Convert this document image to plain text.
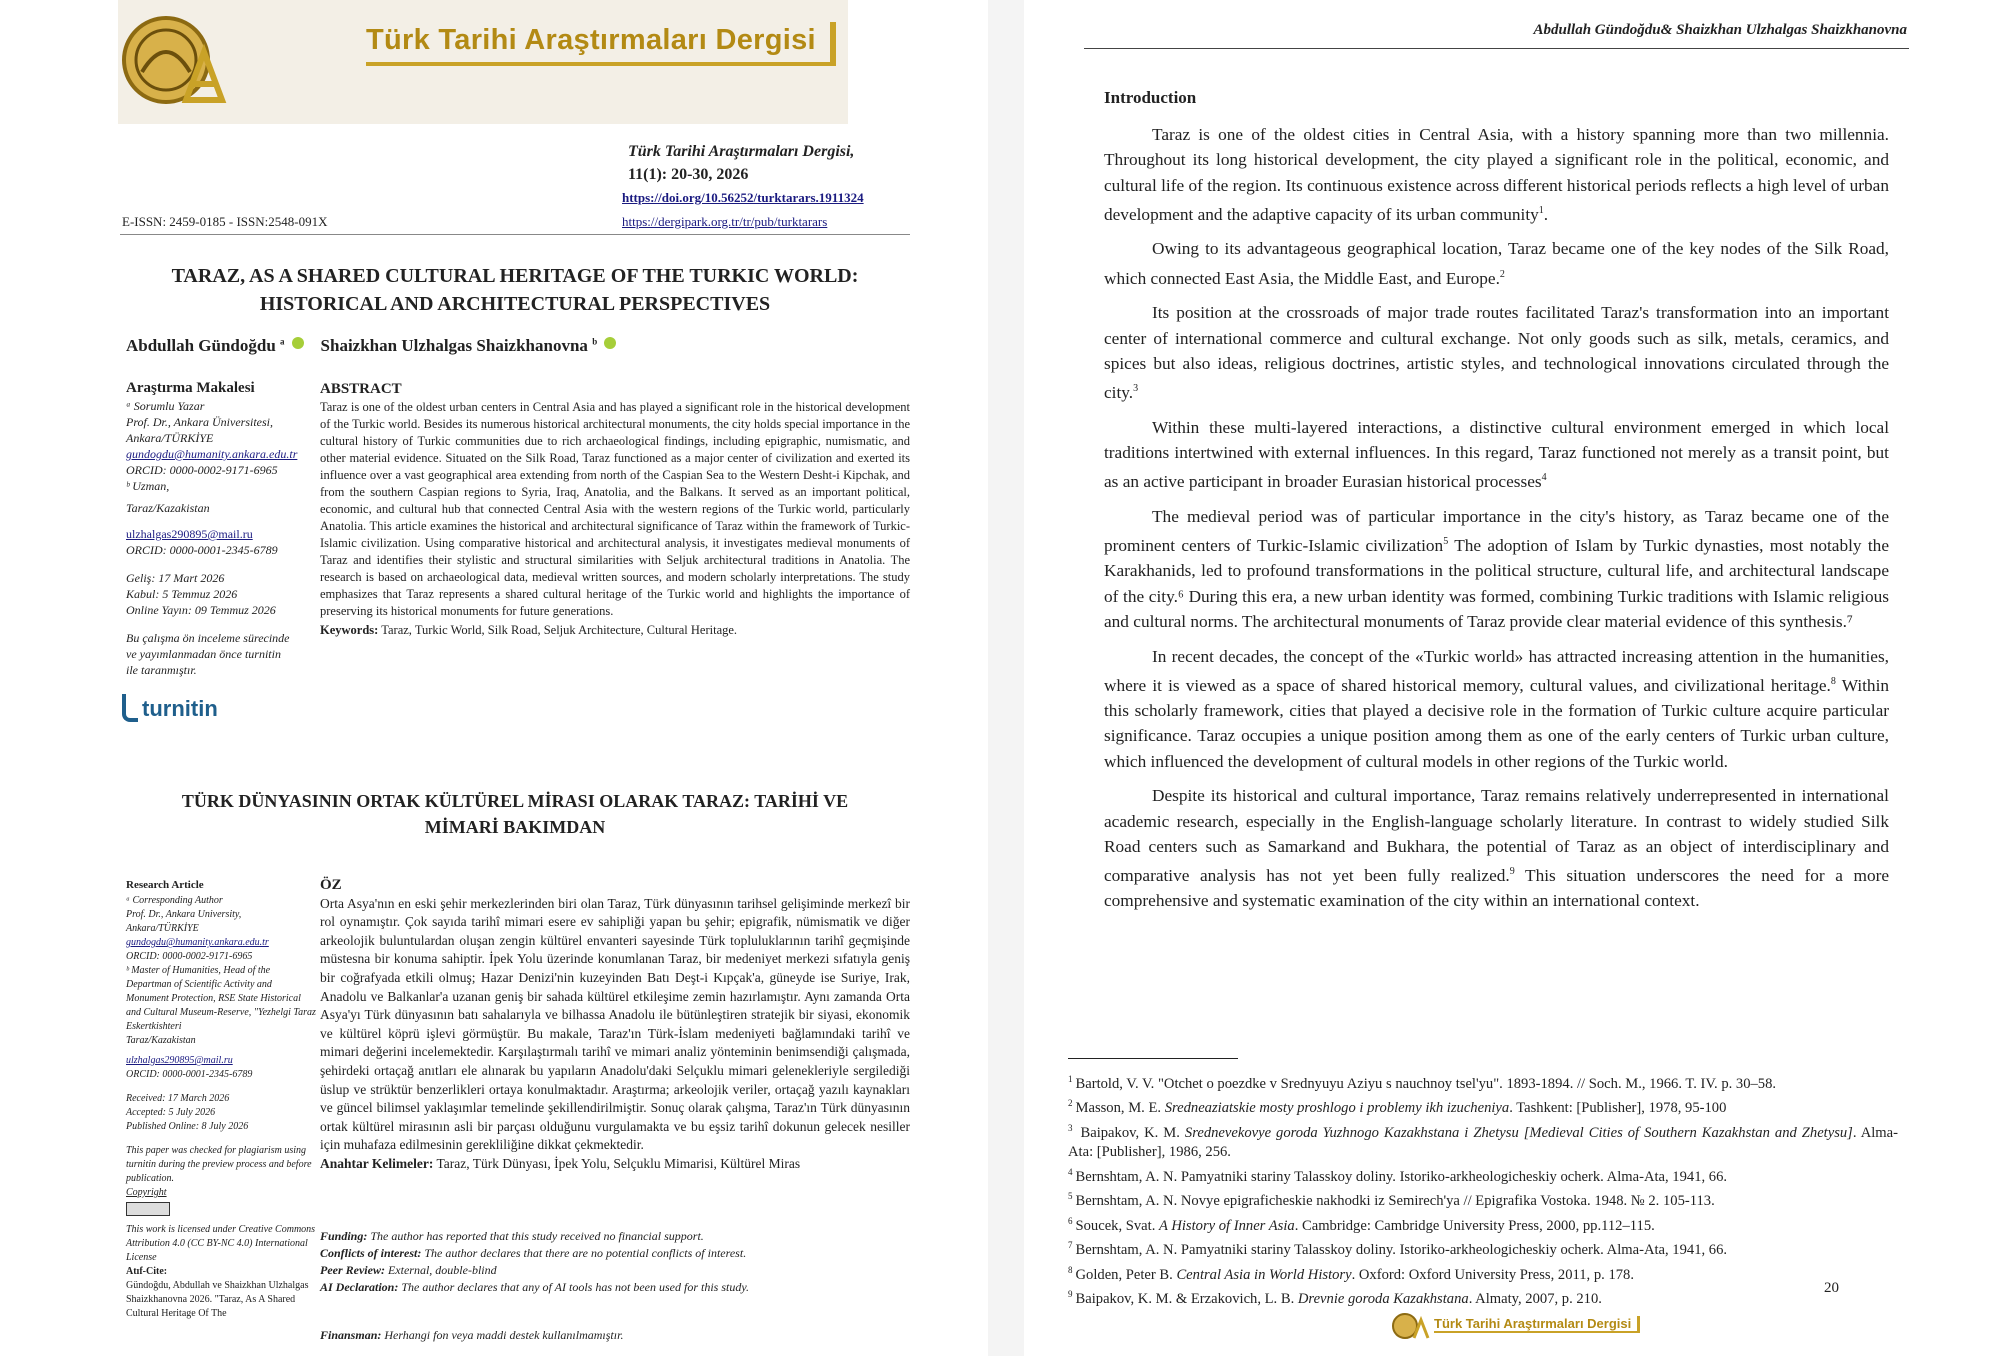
Türk Tarihi Araştırmaları Dergisi
Türk Tarihi Araştırmaları Dergisi,
11(1): 20-30, 2026
https://doi.org/10.56252/turktarars.1911324
E-ISSN: 2459-0185 - ISSN:2548-091X	https://dergipark.org.tr/tr/pub/turktarars
TARAZ, AS A SHARED CULTURAL HERITAGE OF THE TURKIC WORLD:
HISTORICAL AND ARCHITECTURAL PERSPECTIVES
Abdullah Gündoğdu $^a$ Shaizkhan Ulzhalgas Shaizkhanovna $^b$
Araştırma Makalesi
ᵃ Sorumlu Yazar
Prof. Dr., Ankara Üniversitesi,
Ankara/TÜRKİYE
gundogdu@humanity.ankara.edu.tr
ORCID: 0000-0002-9171-6965
ᵇ Uzman,
Taraz/Kazakistan
ulzhalgas290895@mail.ru
ORCID: 0000-0001-2345-6789
Geliş: 17 Mart 2026
Kabul: 5 Temmuz 2026
Online Yayın: 09 Temmuz 2026
Bu çalışma ön inceleme sürecinde
ve yayımlanmadan önce turnitin
ile taranmıştır.
turnitin
ABSTRACT
Taraz is one of the oldest urban centers in Central Asia and has played a significant role in the historical development of the Turkic world. Besides its numerous historical architectural monuments, the city holds special importance in the cultural history of Turkic communities due to rich archaeological findings, including epigraphic, numismatic, and other material evidence. Situated on the Silk Road, Taraz functioned as a major center of civilization and exerted its influence over a vast geographical area extending from north of the Caspian Sea to the Western Desht-i Kipchak, and from the southern Caspian regions to Syria, Iraq, Anatolia, and the Balkans. It served as an important political, economic, and cultural hub that connected Central Asia with the western regions of the Turkic world, particularly Anatolia. This article examines the historical and architectural significance of Taraz within the framework of Turkic-Islamic civilization. Using comparative historical and architectural analysis, it investigates medieval monuments of Taraz and identifies their stylistic and structural similarities with Seljuk architectural traditions in Anatolia. The research is based on archaeological data, medieval written sources, and modern scholarly interpretations. The study emphasizes that Taraz represents a shared cultural heritage of the Turkic world and highlights the importance of preserving its historical monuments for future generations.
Keywords: Taraz, Turkic World, Silk Road, Seljuk Architecture, Cultural Heritage.
TÜRK DÜNYASININ ORTAK KÜLTÜREL MİRASI OLARAK TARAZ: TARİHİ VE
MİMARİ BAKIMDAN
Research Article
ᵃ Corresponding Author
Prof. Dr., Ankara University,
Ankara/TÜRKİYE
gundogdu@humanity.ankara.edu.tr
ORCID: 0000-0002-9171-6965
ᵇ Master of Humanities, Head of the Departman of Scientific Activity and Monument Protection, RSE State Historical and Cultural Museum-Reserve, "Yezhelgi Taraz Eskertkishteri
Taraz/Kazakistan
ulzhalgas290895@mail.ru
ORCID: 0000-0001-2345-6789
Received: 17 March 2026
Accepted: 5 July 2026
Published Online: 8 July 2026
This paper was checked for plagiarism using turnitin during the preview process and before publication.
Copyright
This work is licensed under Creative Commons Attribution 4.0 (CC BY-NC 4.0) International License
Atıf-Cite:
Gündoğdu, Abdullah ve Shaizkhan Ulzhalgas Shaizkhanovna 2026. "Taraz, As A Shared Cultural Heritage Of The
ÖZ
Orta Asya'nın en eski şehir merkezlerinden biri olan Taraz, Türk dünyasının tarihsel gelişiminde merkezî bir rol oynamıştır. Çok sayıda tarihî mimari esere ev sahipliği yapan bu şehir; epigrafik, nümismatik ve diğer arkeolojik buluntulardan oluşan zengin kültürel envanteri sayesinde Türk topluluklarının tarihî geçmişinde müstesna bir konuma sahiptir. İpek Yolu üzerinde konumlanan Taraz, bir medeniyet merkezi sıfatıyla geniş bir coğrafyada etkili olmuş; Hazar Denizi'nin kuzeyinden Batı Deşt-i Kıpçak'a, güneyde ise Suriye, Irak, Anadolu ve Balkanlar'a uzanan geniş bir sahada kültürel etkileşime zemin hazırlamıştır. Aynı zamanda Orta Asya'yı Türk dünyasının batı sahalarıyla ve bilhassa Anadolu ile bütünleştiren stratejik bir siyasi, ekonomik ve kültürel köprü işlevi görmüştür. Bu makale, Taraz'ın Türk-İslam medeniyeti bağlamındaki tarihî ve mimari değerini incelemektedir. Karşılaştırmalı tarihî ve mimari analiz yönteminin benimsendiği çalışmada, şehirdeki ortaçağ anıtları ele alınarak bu yapıların Anadolu'daki Selçuklu mimari gelenekleriyle sergilediği üslup ve strüktür benzerlikleri ortaya konulmaktadır. Araştırma; arkeolojik veriler, ortaçağ yazılı kaynakları ve güncel bilimsel yaklaşımlar temelinde şekillendirilmiştir. Sonuç olarak çalışma, Taraz'ın Türk dünyasının ortak kültürel mirasının asli bir parçası olduğunu vurgulamakta ve bu eşsiz tarihî dokunun gelecek nesiller için muhafaza edilmesinin gerekliliğine dikkat çekmektedir.
Anahtar Kelimeler: Taraz, Türk Dünyası, İpek Yolu, Selçuklu Mimarisi, Kültürel Miras
Funding: The author has reported that this study received no financial support.
Conflicts of interest: The author declares that there are no potential conflicts of interest.
Peer Review: External, double-blind
AI Declaration: The author declares that any of AI tools has not been used for this study.
Finansman: Herhangi fon veya maddi destek kullanılmamıştır.
Abdullah Gündoğdu& Shaizkhan Ulzhalgas Shaizkhanovna
Introduction

Taraz is one of the oldest cities in Central Asia, with a history spanning more than two millennia. Throughout its long historical development, the city played a significant role in the political, economic, and cultural life of the region. Its continuous existence across different historical periods reflects a high level of urban development and the adaptive capacity of its urban community$^1$.

Owing to its advantageous geographical location, Taraz became one of the key nodes of the Silk Road, which connected East Asia, the Middle East, and Europe.$^2$

Its position at the crossroads of major trade routes facilitated Taraz's transformation into an important center of international commerce and cultural exchange. Not only goods such as silk, metals, ceramics, and spices but also ideas, religious doctrines, artistic styles, and technological innovations circulated through the city.$^3$

Within these multi-layered interactions, a distinctive cultural environment emerged in which local traditions intertwined with external influences. In this regard, Taraz functioned not merely as a transit point, but as an active participant in broader Eurasian historical processes$^4$

The medieval period was of particular importance in the city's history, as Taraz became one of the prominent centers of Turkic-Islamic civilization$^5$ The adoption of Islam by Turkic dynasties, most notably the Karakhanids, led to profound transformations in the political structure, cultural life, and architectural landscape of the city.⁶ During this era, a new urban identity was formed, combining Turkic traditions with Islamic religious and cultural norms. The architectural monuments of Taraz provide clear material evidence of this synthesis.⁷

In recent decades, the concept of the «Turkic world» has attracted increasing attention in the humanities, where it is viewed as a space of shared historical memory, cultural values, and civilizational heritage.$^8$ Within this scholarly framework, cities that played a decisive role in the formation of Turkic culture acquire particular significance. Taraz occupies a unique position among them as one of the early centers of Turkic urban culture, which influenced the development of cultural models in other regions of the Turkic world.

Despite its historical and cultural importance, Taraz remains relatively underrepresented in international academic research, especially in the English-language scholarly literature. In contrast to widely studied Silk Road centers such as Samarkand and Bukhara, the potential of Taraz as an object of interdisciplinary and comparative analysis has not yet been fully realized.$^9$ This situation underscores the need for a more comprehensive and systematic examination of the city within an international context.

$^1$ Bartold, V. V. "Otchet o poezdke v Srednyuyu Aziyu s nauchnoy tsel'yu". 1893-1894. // Soch. M., 1966. T. IV. p. 30–58.
$^2$ Masson, M. E. Sredneaziatskie mosty proshlogo i problemy ikh izucheniya. Tashkent: [Publisher], 1978, 95-100
$^3$ Baipakov, K. M. Srednevekovye goroda Yuzhnogo Kazakhstana i Zhetysu [Medieval Cities of Southern Kazakhstan and Zhetysu]. Alma-Ata: [Publisher], 1986, 256.
$^4$ Bernshtam, A. N. Pamyatniki stariny Talasskoy doliny. Istoriko-arkheologicheskiy ocherk. Alma-Ata, 1941, 66.
$^5$ Bernshtam, A. N. Novye epigraficheskie nakhodki iz Semirech'ya // Epigrafika Vostoka. 1948. № 2. 105-113.
$^6$ Soucek, Svat. A History of Inner Asia. Cambridge: Cambridge University Press, 2000, pp.112–115.
$^7$ Bernshtam, A. N. Pamyatniki stariny Talasskoy doliny. Istoriko-arkheologicheskiy ocherk. Alma-Ata, 1941, 66.
$^8$ Golden, Peter B. Central Asia in World History. Oxford: Oxford University Press, 2011, p. 178.
$^9$ Baipakov, K. M. & Erzakovich, L. B. Drevnie goroda Kazakhstana. Almaty, 2007, p. 210.
20
Türk Tarihi Araştırmaları Dergisi
